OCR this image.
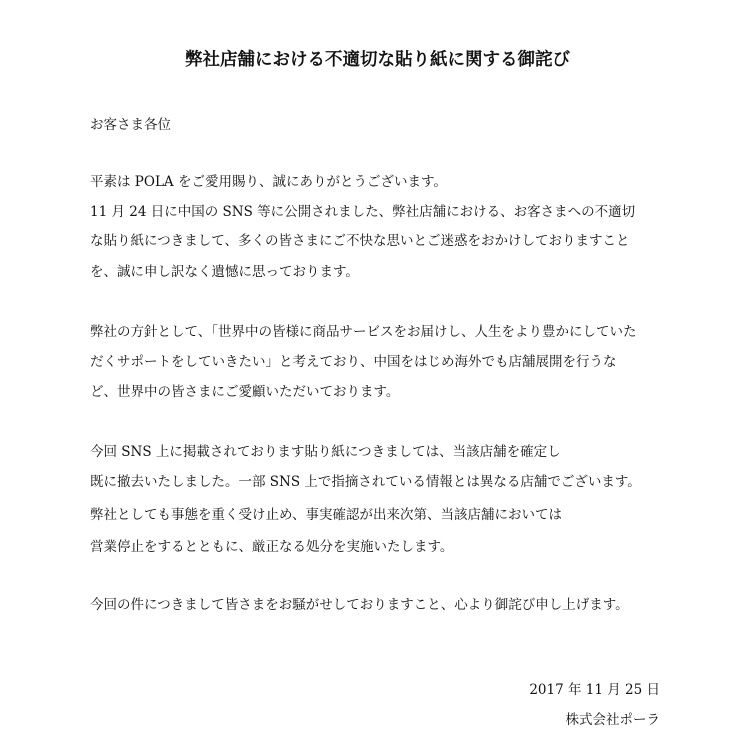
弊社店舗における不適切な貼り紙に関する御詫び
お客さま各位
平素は POLA をご愛用賜り、誠にありがとうございます。
11 月 24 日に中国の SNS 等に公開されました、弊社店舗における、お客さまへの不適切
な貼り紙につきまして、多くの皆さまにご不快な思いとご迷惑をおかけしておりますこと
を、誠に申し訳なく遺憾に思っております。
弊社の方針として、「世界中の皆様に商品サービスをお届けし、人生をより豊かにしていた
だくサポートをしていきたい」と考えており、中国をはじめ海外でも店舗展開を行うな
ど、世界中の皆さまにご愛顧いただいております。
今回 SNS 上に掲載されております貼り紙につきましては、当該店舗を確定し
既に撤去いたしました。一部 SNS 上で指摘されている情報とは異なる店舗でございます。
弊社としても事態を重く受け止め、事実確認が出来次第、当該店舗においては
営業停止をするとともに、厳正なる処分を実施いたします。
今回の件につきまして皆さまをお騒がせしておりますこと、心より御詫び申し上げます。
2017 年 11 月 25 日
株式会社ポーラ
